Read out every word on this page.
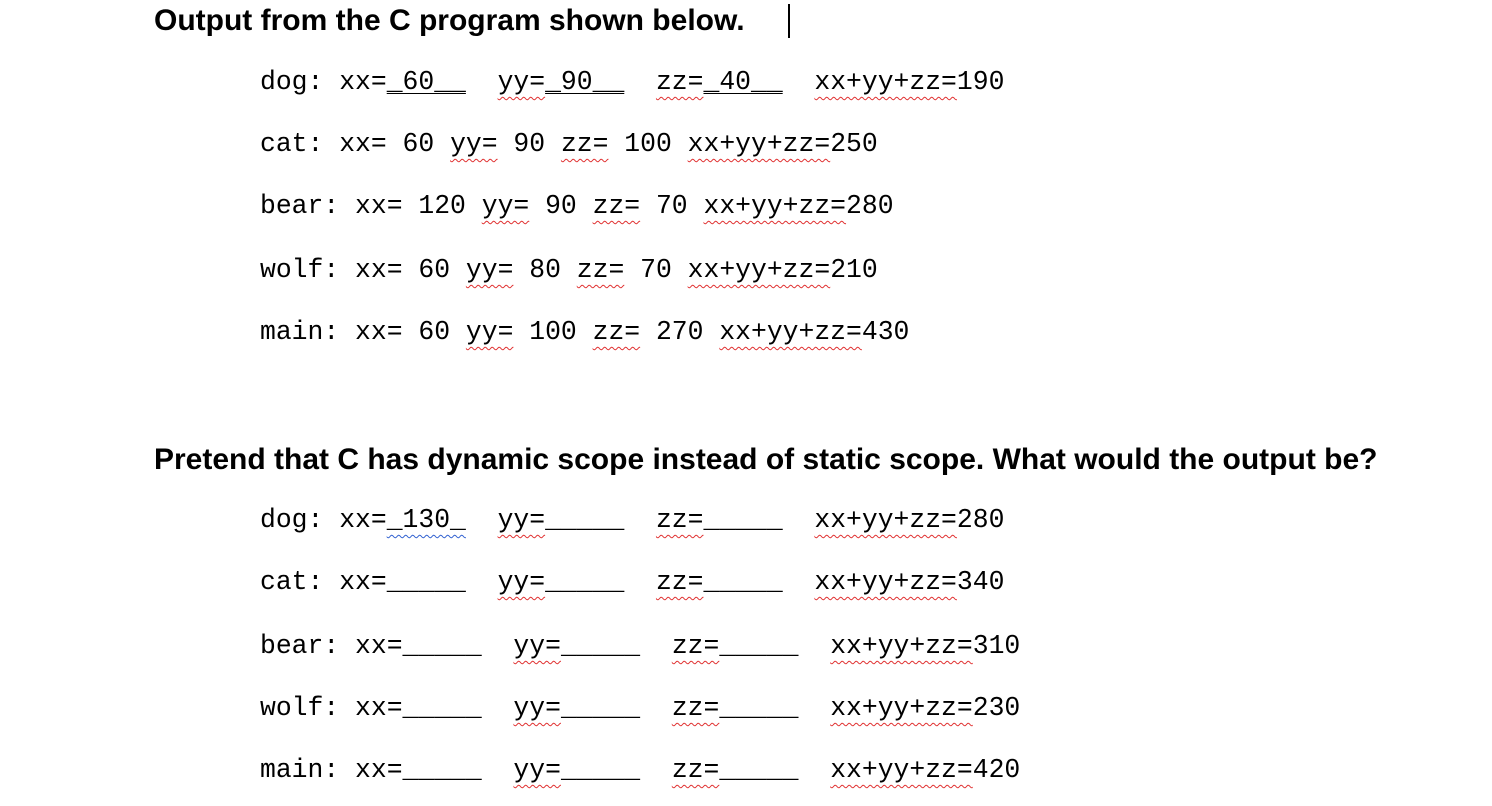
Output from the C program shown below.
dog: xx=_60__ yy=_90__ zz=_40__ xx+yy+zz=190
cat: xx= 60 yy= 90 zz= 100 xx+yy+zz=250
bear: xx= 120 yy= 90 zz= 70 xx+yy+zz=280
wolf: xx= 60 yy= 80 zz= 70 xx+yy+zz=210
main: xx= 60 yy= 100 zz= 270 xx+yy+zz=430
Pretend that C has dynamic scope instead of static scope. What would the output be?
dog: xx=_130_ yy=_____ zz=_____ xx+yy+zz=280
cat: xx=_____ yy=_____ zz=_____ xx+yy+zz=340
bear: xx=_____ yy=_____ zz=_____ xx+yy+zz=310
wolf: xx=_____ yy=_____ zz=_____ xx+yy+zz=230
main: xx=_____ yy=_____ zz=_____ xx+yy+zz=420
